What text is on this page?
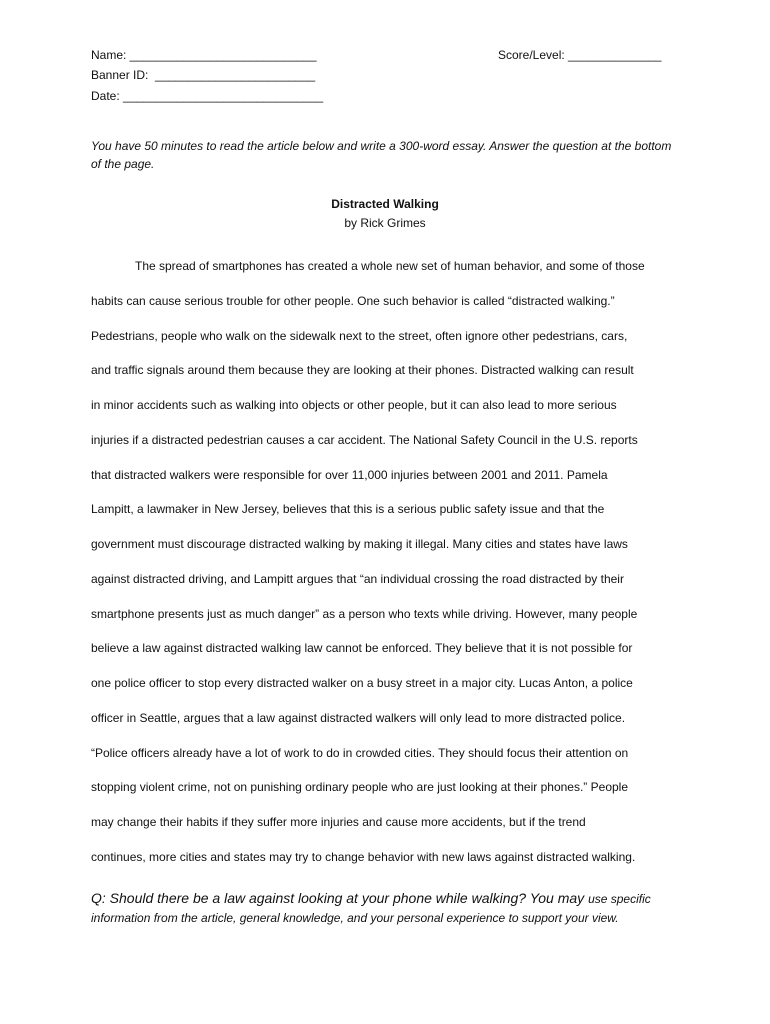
Name: ____________________________
Banner ID:  ________________________
Date: ______________________________
Score/Level: ______________
You have 50 minutes to read the article below and write a 300-word essay. Answer the question at the bottom of the page.
Distracted Walking
by Rick Grimes
The spread of smartphones has created a whole new set of human behavior, and some of those
habits can cause serious trouble for other people. One such behavior is called “distracted walking.”
Pedestrians, people who walk on the sidewalk next to the street, often ignore other pedestrians, cars,
and traffic signals around them because they are looking at their phones. Distracted walking can result
in minor accidents such as walking into objects or other people, but it can also lead to more serious
injuries if a distracted pedestrian causes a car accident. The National Safety Council in the U.S. reports
that distracted walkers were responsible for over 11,000 injuries between 2001 and 2011. Pamela
Lampitt, a lawmaker in New Jersey, believes that this is a serious public safety issue and that the
government must discourage distracted walking by making it illegal. Many cities and states have laws
against distracted driving, and Lampitt argues that “an individual crossing the road distracted by their
smartphone presents just as much danger” as a person who texts while driving. However, many people
believe a law against distracted walking law cannot be enforced. They believe that it is not possible for
one police officer to stop every distracted walker on a busy street in a major city. Lucas Anton, a police
officer in Seattle, argues that a law against distracted walkers will only lead to more distracted police.
“Police officers already have a lot of work to do in crowded cities. They should focus their attention on
stopping violent crime, not on punishing ordinary people who are just looking at their phones.” People
may change their habits if they suffer more injuries and cause more accidents, but if the trend
continues, more cities and states may try to change behavior with new laws against distracted walking.
Q: Should there be a law against looking at your phone while walking? You may use specific
information from the article, general knowledge, and your personal experience to support your view.
